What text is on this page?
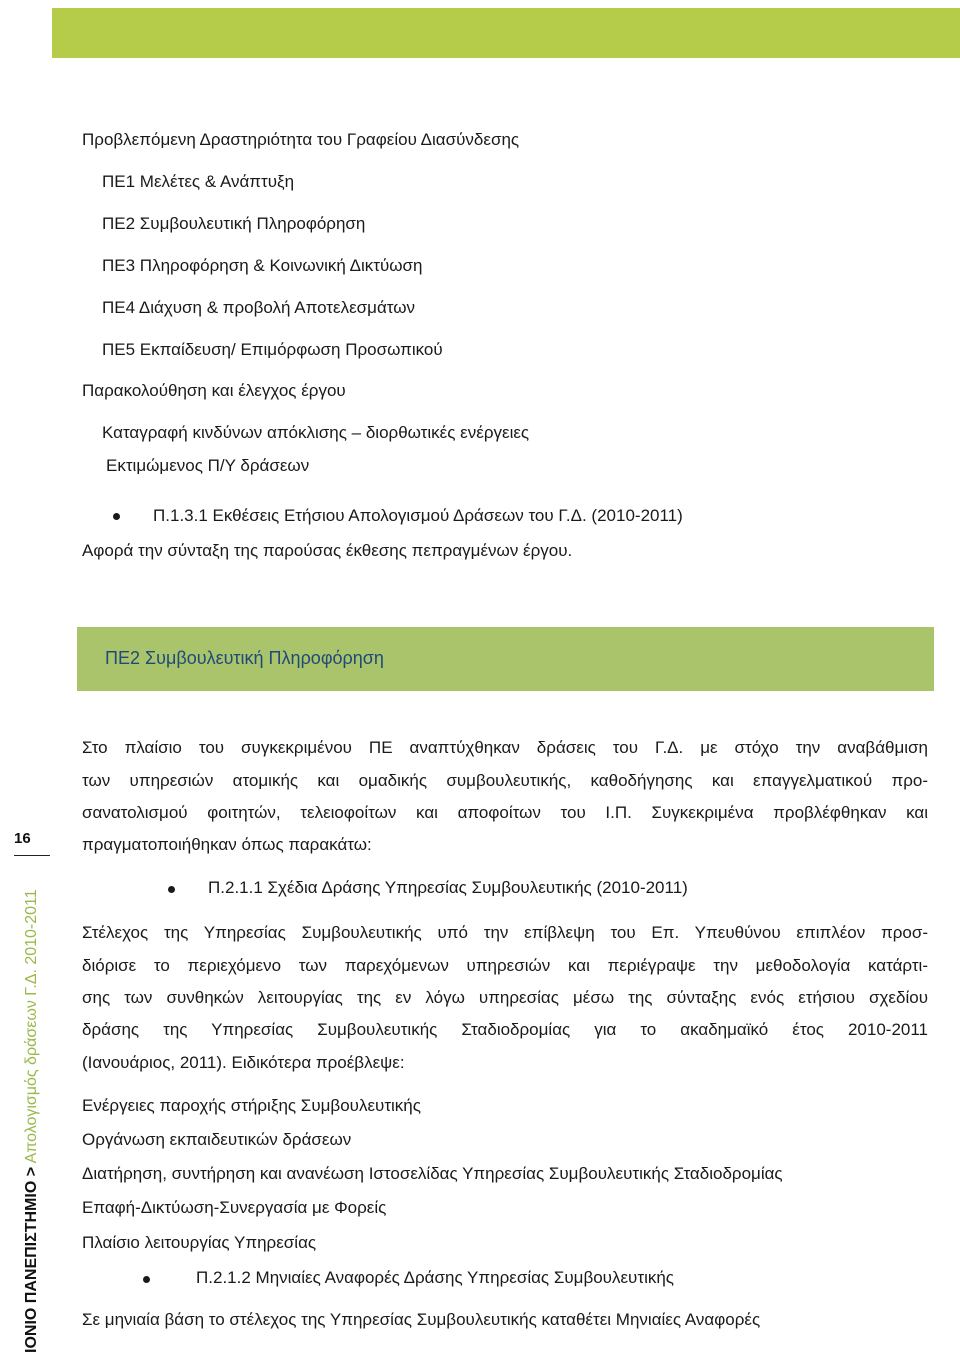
Προβλεπόμενη Δραστηριότητα του Γραφείου Διασύνδεσης
ΠΕ1 Μελέτες & Ανάπτυξη
ΠΕ2 Συμβουλευτική Πληροφόρηση
ΠΕ3 Πληροφόρηση & Κοινωνική Δικτύωση
ΠΕ4 Διάχυση & προβολή Αποτελεσμάτων
ΠΕ5 Εκπαίδευση/ Επιμόρφωση Προσωπικού
Παρακολούθηση και έλεγχος έργου
Καταγραφή κινδύνων απόκλισης – διορθωτικές ενέργειες
Εκτιμώμενος Π/Υ δράσεων
Π.1.3.1 Εκθέσεις Ετήσιου Απολογισμού Δράσεων του Γ.Δ. (2010-2011)
Αφορά την σύνταξη της παρούσας έκθεσης πεπραγμένων έργου.
ΠΕ2 Συμβουλευτική Πληροφόρηση
Στο πλαίσιο του συγκεκριμένου ΠΕ αναπτύχθηκαν δράσεις του Γ.Δ. με στόχο την αναβάθμιση
των υπηρεσιών ατομικής και ομαδικής συμβουλευτικής, καθοδήγησης και επαγγελματικού προ-
σανατολισμού φοιτητών, τελειοφοίτων και αποφοίτων του Ι.Π. Συγκεκριμένα προβλέφθηκαν και
πραγματοποιήθηκαν όπως παρακάτω:
Π.2.1.1 Σχέδια Δράσης Υπηρεσίας Συμβουλευτικής (2010-2011)
Στέλεχος της Υπηρεσίας Συμβουλευτικής υπό την επίβλεψη του Επ. Υπευθύνου επιπλέον προσ-
διόρισε το περιεχόμενο των παρεχόμενων υπηρεσιών και περιέγραψε την μεθοδολογία κατάρτι-
σης των συνθηκών λειτουργίας της εν λόγω υπηρεσίας μέσω της σύνταξης ενός ετήσιου σχεδίου
δράσης της Υπηρεσίας Συμβουλευτικής Σταδιοδρομίας για το ακαδημαϊκό έτος 2010-2011
(Ιανουάριος, 2011). Ειδικότερα προέβλεψε:
Ενέργειες παροχής στήριξης Συμβουλευτικής
Οργάνωση εκπαιδευτικών δράσεων
Διατήρηση, συντήρηση και ανανέωση Ιστοσελίδας Υπηρεσίας Συμβουλευτικής Σταδιοδρομίας
Επαφή-Δικτύωση-Συνεργασία με Φορείς
Πλαίσιο λειτουργίας Υπηρεσίας
Π.2.1.2 Μηνιαίες Αναφορές Δράσης Υπηρεσίας Συμβουλευτικής
Σε μηνιαία βάση το στέλεχος της Υπηρεσίας Συμβουλευτικής καταθέτει Μηνιαίες Αναφορές
16
ΙΟΝΙΟ ΠΑΝΕΠΙΣΤΗΜΙΟ > Απολογισμός δράσεων Γ.Δ. 2010-2011
